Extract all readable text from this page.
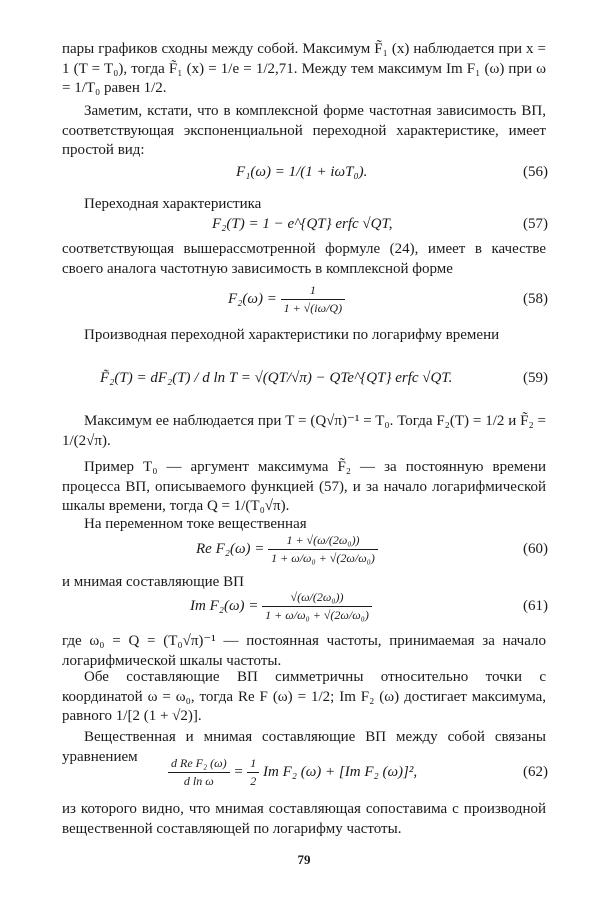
пары графиков сходны между собой. Максимум F̃₁ (x) наблюдается при x = 1 (T = T₀), тогда F̃₁ (x) = 1/e = 1/2,71. Между тем максимум Im F₁ (ω) при ω = 1/T₀ равен 1/2.
Заметим, кстати, что в комплексной форме частотная зависимость ВП, соответствующая экспоненциальной переходной характеристике, имеет простой вид:
F₁(ω) = 1/(1 + iωT₀).	(56)
Переходная характеристика
F₂(T) = 1 − e^{QT} erfc √QT,	(57)
соответствующая вышерассмотренной формуле (24), имеет в качестве своего аналога частотную зависимость в комплексной форме
$F_2(\omega) = \frac{1}{1 + √(i\omega/Q)}$	(58)
Производная переходной характеристики по логарифму времени
F̃₂(T) = dF₂(T) / d ln T = √(QT/√π) − QTe^{QT} erfc √QT.	(59)
Максимум ее наблюдается при T = (Q√π)⁻¹ = T₀. Тогда F₂(T) = 1/2 и F̃₂ = 1/(2√π).
Пример T₀ — аргумент максимума F̃₂ — за постоянную времени процесса ВП, описываемого функцией (57), и за начало логарифмической шкалы времени, тогда Q = 1/(T₀√π).
На переменном токе вещественная
Re $F_2(\omega) = \frac{\text{1 + √(ω/(2ω₀))}}{\text{1 + ω/ω₀ + √(2ω/ω₀)}}$	(60)
и мнимая составляющие ВП
Im $F_2(\omega) = \frac{\text{√(ω/(2ω₀))}}{\text{1 + ω/ω₀ + √(2ω/ω₀)}}$	(61)
где ω₀ = Q = (T₀√π)⁻¹ — постоянная частоты, принимаемая за начало логарифмической шкалы частоты.
Обе составляющие ВП симметричны относительно точки с координатой ω = ω₀, тогда Re F (ω) = 1/2; Im F₂ (ω) достигает максимума, равного 1/[2 (1 + √2)].
Вещественная и мнимая составляющие ВП между собой связаны уравнением	$\frac{\text{d Re F₂ (ω)}}{\text{d ln ω}} = \frac{1}{2}$ Im F₂ (ω) + [Im F₂ (ω)]²,	(62)
из которого видно, что мнимая составляющая сопоставима с производной вещественной составляющей по логарифму частоты.
79
